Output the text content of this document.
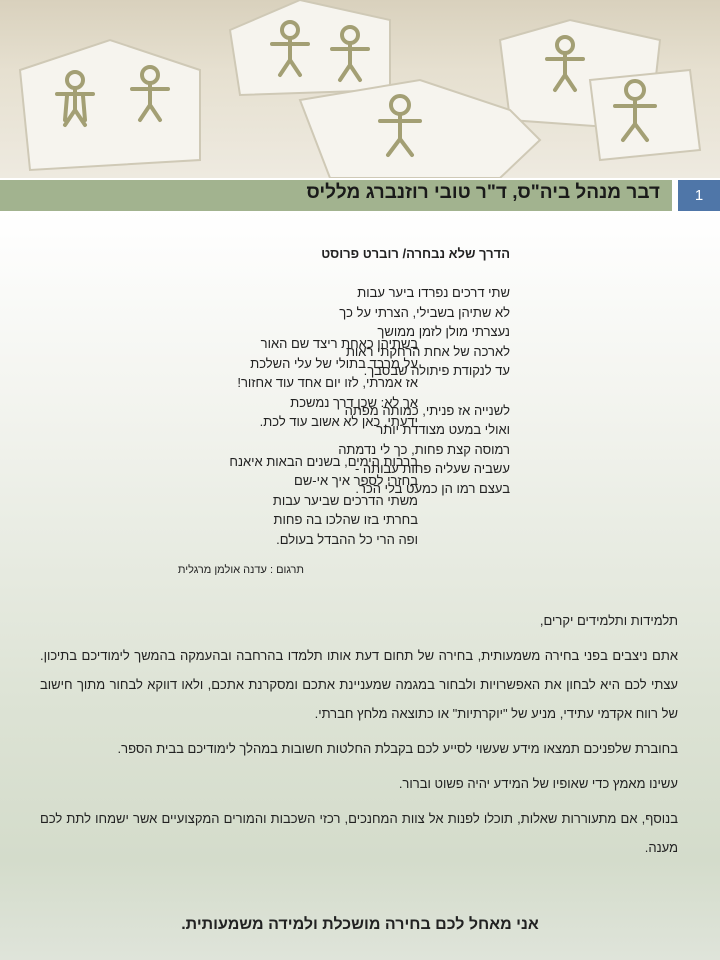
דבר מנהל ביה"ס, ד"ר טובי רוזנברג מלליס	1
הדרך שלא נבחרה/ רוברט פרוסט
שתי דרכים נפרדו ביער עבות
לא שתיהן בשבילי, הצרתי על כך
נעצרתי מולן לזמן ממושך
לארכה של אחת הרחקתי ראות
עד לנקודת פיתולה שבסבך.
לשנייה אז פניתי, כמותה מפתה
ואולי במעט מצודדת יותר
רמוסה קצת פחות, כך לי נדמתה
עשביה שעליה פחות עבותה -
בעצם רמו הן כמעט בלי הכר.
בשתיהן כאחת ריצד שם האור
על מרבד בתולי של עלי השלכת
אז אמרתי, לזו יום אחד עוד אחזור!
אך לא: שכן דרך נמשכת
ידעתי. כאן לא אשוב עוד לכת.
ברבות הימים, בשנים הבאות איאנח
בחזרי לספר איך אי-שם
משתי הדרכים שביער עבות
בחרתי בזו שהלכו בה פחות
ופה הרי כל ההבדל בעולם.
תרגום : עדנה אולמן מרגלית

תלמידות ותלמידים יקרים,

אתם ניצבים בפני בחירה משמעותית, בחירה של תחום דעת אותו תלמדו בהרחבה ובהעמקה בהמשך לימודיכם בתיכון. עצתי לכם היא לבחון את האפשרויות ולבחור במגמה שמעניינת אתכם ומסקרנת אתכם, ולאו דווקא לבחור מתוך חישוב של רווח אקדמי עתידי, מניע של "יוקרתיות" או כתוצאה מלחץ חברתי.

בחוברת שלפניכם תמצאו מידע שעשוי לסייע לכם בקבלת החלטות חשובות במהלך לימודיכם בבית הספר.

עשינו מאמץ כדי שאופיו של המידע יהיה פשוט וברור.

בנוסף, אם מתעוררות שאלות, תוכלו לפנות אל צוות המחנכים, רכזי השכבות והמורים המקצועיים אשר ישמחו לתת לכם מענה.

אני מאחל לכם בחירה מושכלת ולמידה משמעותית.
